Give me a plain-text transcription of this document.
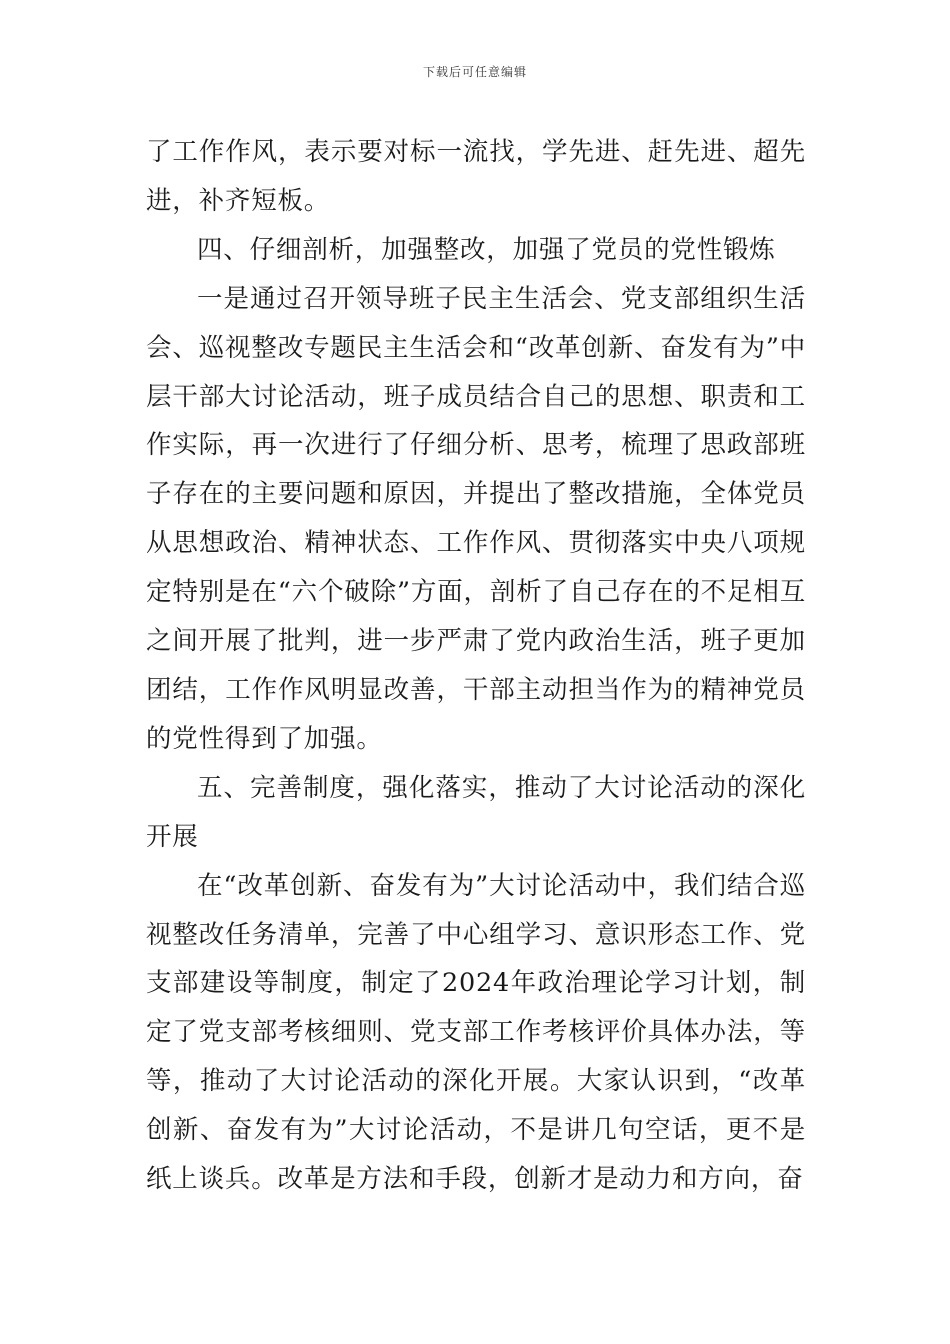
下载后可任意编辑

了工作作风，表示要对标一流找，学先进、赶先进、超先进，补齐短板。

四、仔细剖析，加强整改，加强了党员的党性锻炼

一是通过召开领导班子民主生活会、党支部组织生活会、巡视整改专题民主生活会和“改革创新、奋发有为”中层干部大讨论活动，班子成员结合自己的思想、职责和工作实际，再一次进行了仔细分析、思考，梳理了思政部班子存在的主要问题和原因，并提出了整改措施，全体党员从思想政治、精神状态、工作作风、贯彻落实中央八项规定特别是在“六个破除”方面，剖析了自己存在的不足相互之间开展了批判，进一步严肃了党内政治生活，班子更加团结，工作作风明显改善，干部主动担当作为的精神党员的党性得到了加强。

五、完善制度，强化落实，推动了大讨论活动的深化开展

在“改革创新、奋发有为”大讨论活动中，我们结合巡视整改任务清单，完善了中心组学习、意识形态工作、党支部建设等制度，制定了2024年政治理论学习计划，制定了党支部考核细则、党支部工作考核评价具体办法，等等，推动了大讨论活动的深化开展。大家认识到，“改革创新、奋发有为”大讨论活动，不是讲几句空话，更不是纸上谈兵。改革是方法和手段，创新才是动力和方向，奋
